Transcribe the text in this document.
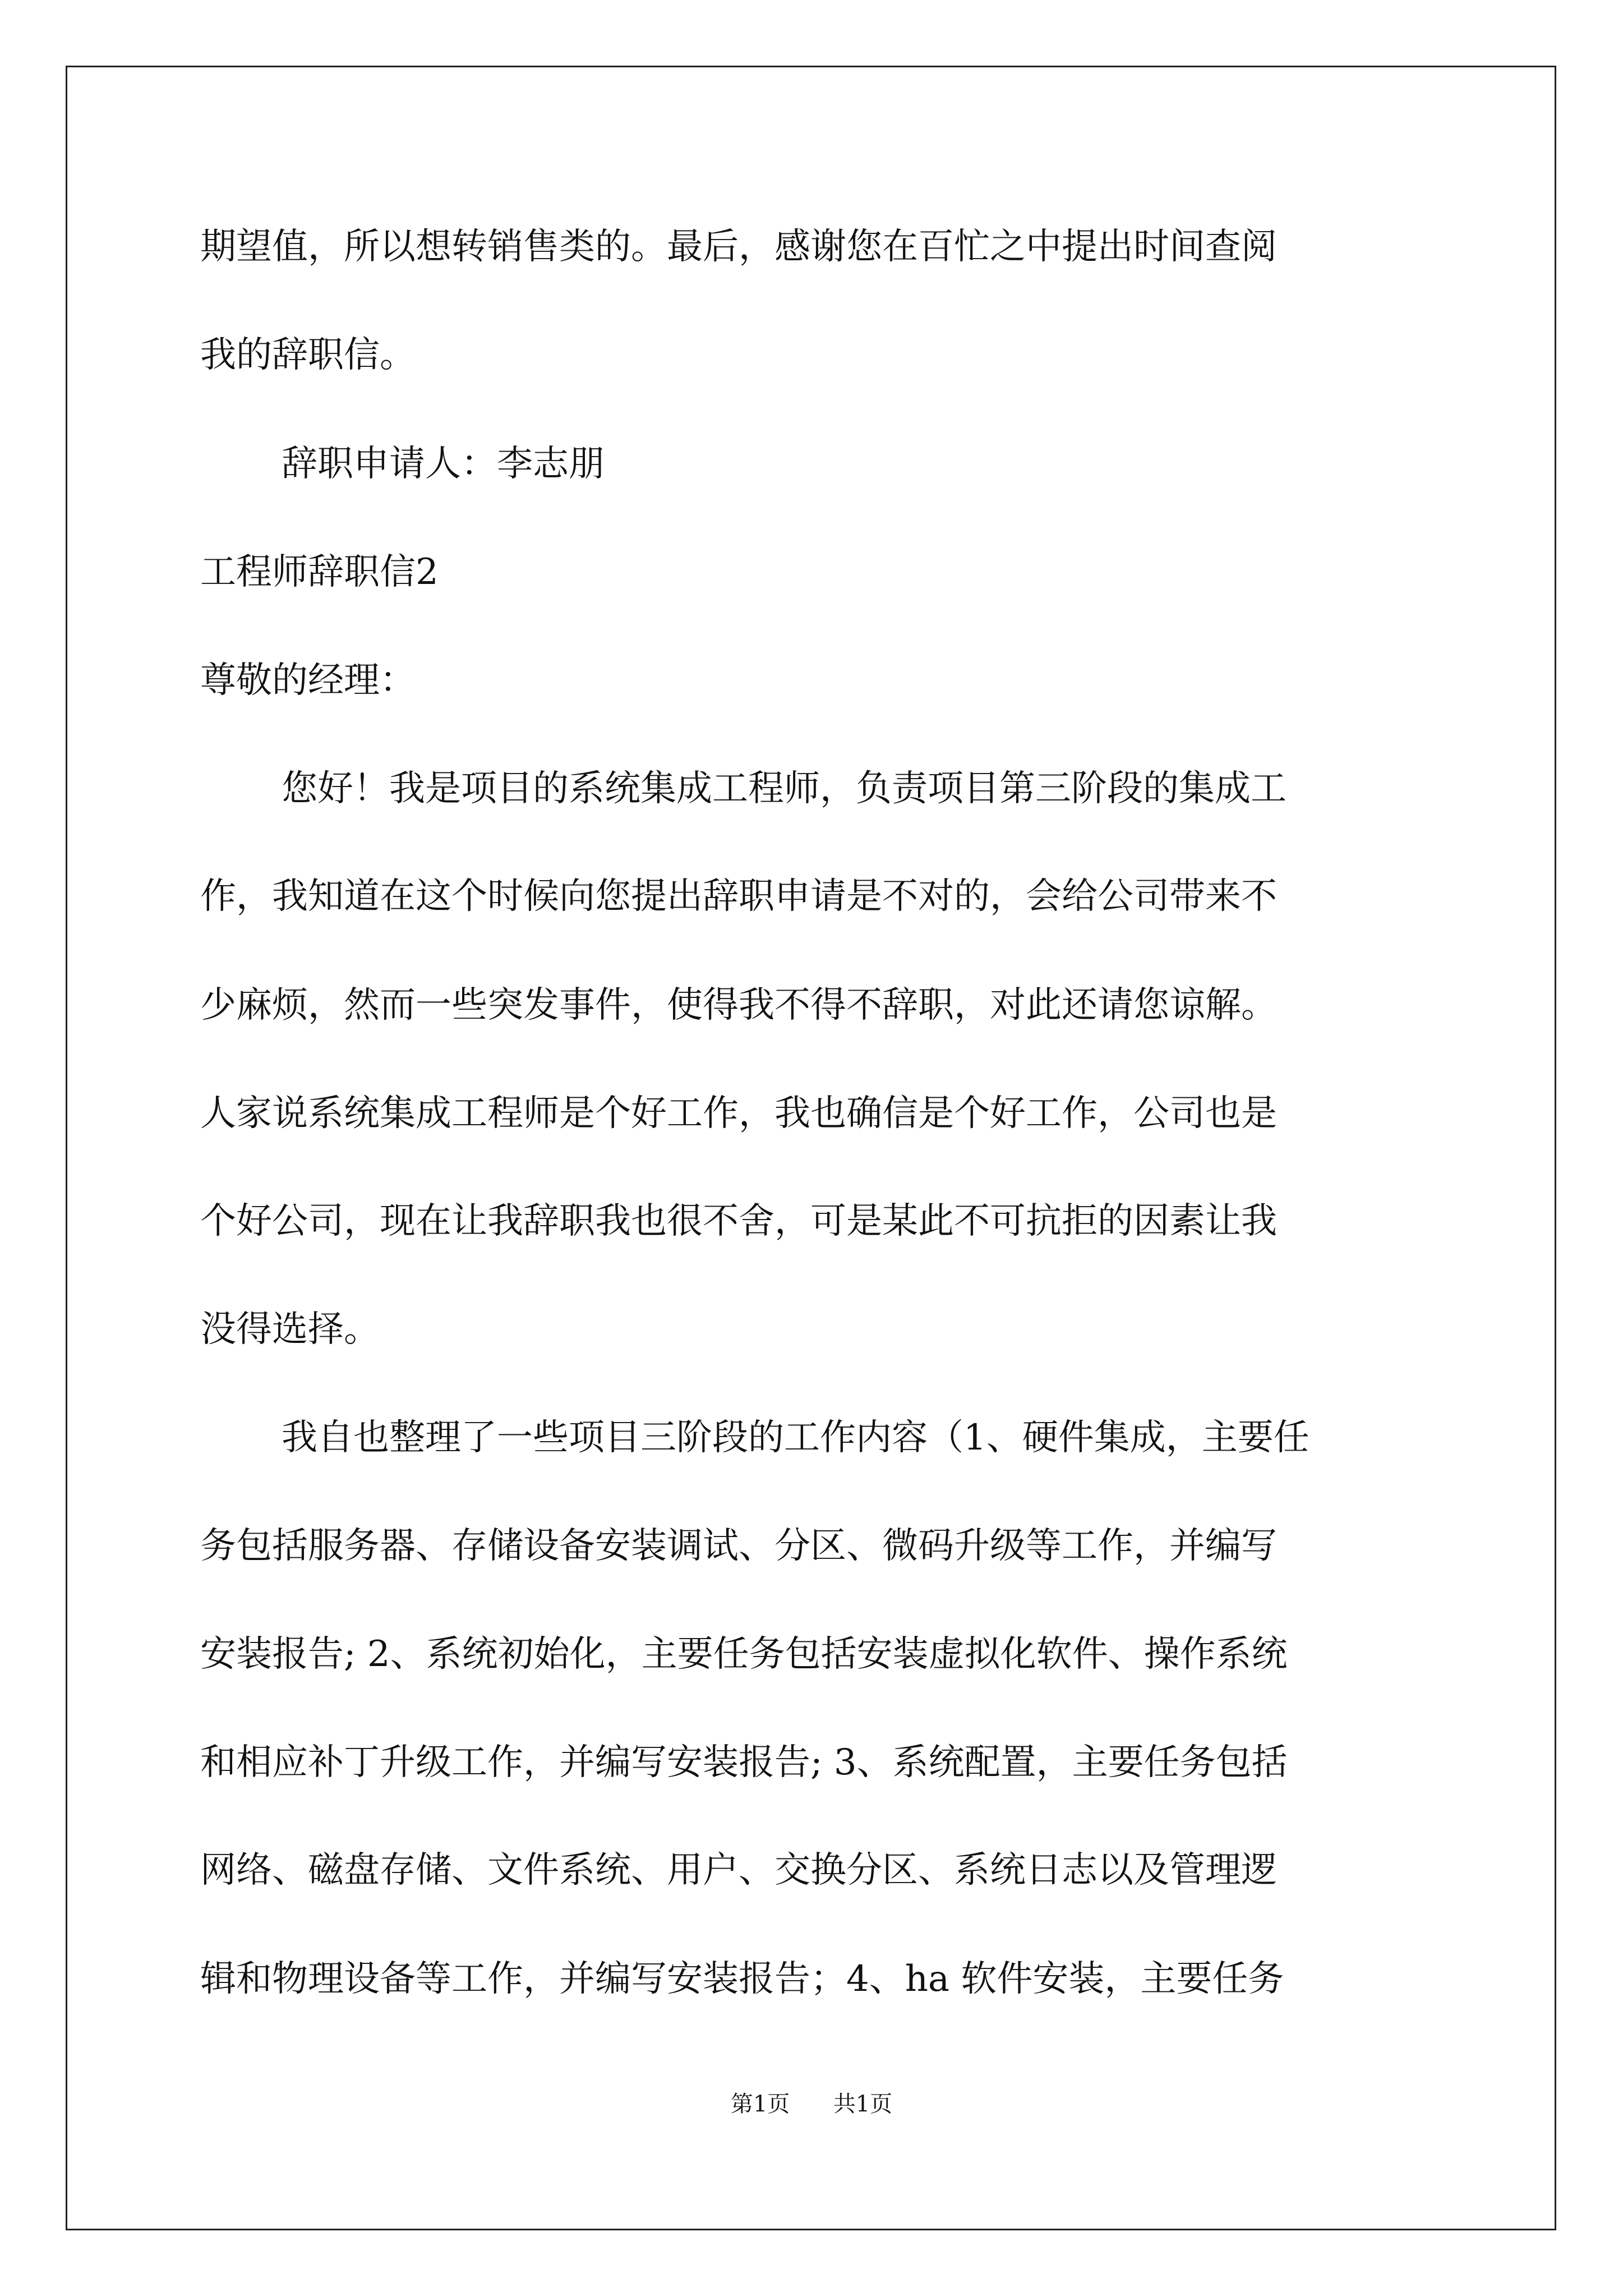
期望值，所以想转销售类的。最后，感谢您在百忙之中提出时间查阅
我的辞职信。
辞职申请人：李志朋
工程师辞职信2
尊敬的经理：
您好！我是项目的系统集成工程师，负责项目第三阶段的集成工
作，我知道在这个时候向您提出辞职申请是不对的，会给公司带来不
少麻烦，然而一些突发事件，使得我不得不辞职，对此还请您谅解。
人家说系统集成工程师是个好工作，我也确信是个好工作，公司也是
个好公司，现在让我辞职我也很不舍，可是某此不可抗拒的因素让我
没得选择。
我自也整理了一些项目三阶段的工作内容（1、硬件集成，主要任
务包括服务器、存储设备安装调试、分区、微码升级等工作，并编写
安装报告; 2、系统初始化，主要任务包括安装虚拟化软件、操作系统
和相应补丁升级工作，并编写安装报告; 3、系统配置，主要任务包括
网络、磁盘存储、文件系统、用户、交换分区、系统日志以及管理逻
辑和物理设备等工作，并编写安装报告；4、ha 软件安装，主要任务
第1页 共1页
